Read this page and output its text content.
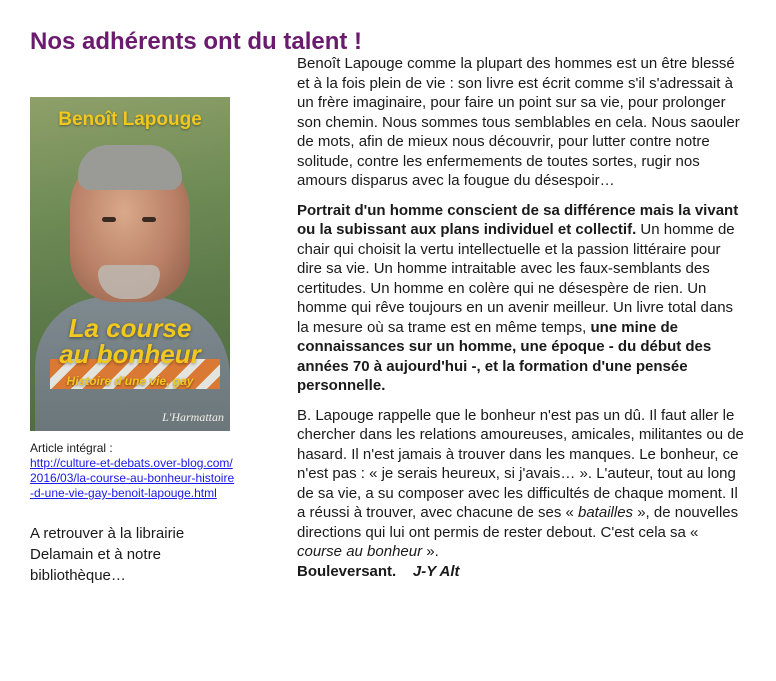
Nos adhérents ont du talent !
Benoît Lapouge
La course
au bonheur
Histoire d'une vie, gay
L'Harmattan
Article intégral :
http://culture-et-debats.over-blog.com/2016/03/la-course-au-bonheur-histoire-d-une-vie-gay-benoit-lapouge.html
A retrouver à la librairie Delamain et à notre bibliothèque…

Benoît Lapouge comme la plupart des hommes est un être blessé et à la fois plein de vie : son livre est écrit comme s'il s'adressait à un frère imaginaire, pour faire un point sur sa vie, pour prolonger son chemin. Nous sommes tous semblables en cela. Nous saouler de mots, afin de mieux nous découvrir, pour lutter contre notre solitude, contre les enfermements de toutes sortes, rugir nos amours disparus avec la fougue du désespoir…

Portrait d'un homme conscient de sa différence mais la vivant ou la subissant aux plans individuel et collectif. Un homme de chair qui choisit la vertu intellectuelle et la passion littéraire pour dire sa vie. Un homme intraitable avec les faux-semblants des certitudes. Un homme en colère qui ne désespère de rien. Un homme qui rêve toujours en un avenir meilleur. Un livre total dans la mesure où sa trame est en même temps, une mine de connaissances sur un homme, une époque - du début des années 70 à aujourd'hui -, et la formation d'une pensée personnelle.

B. Lapouge rappelle que le bonheur n'est pas un dû. Il faut aller le chercher dans les relations amoureuses, amicales, militantes ou de hasard. Il n'est jamais à trouver dans les manques. Le bonheur, ce n'est pas : « je serais heureux, si j'avais… ». L'auteur, tout au long de sa vie, a su composer avec les difficultés de chaque moment. Il a réussi à trouver, avec chacune de ses « batailles », de nouvelles directions qui lui ont permis de rester debout. C'est cela sa « course au bonheur ».

Bouleversant. J-Y Alt
